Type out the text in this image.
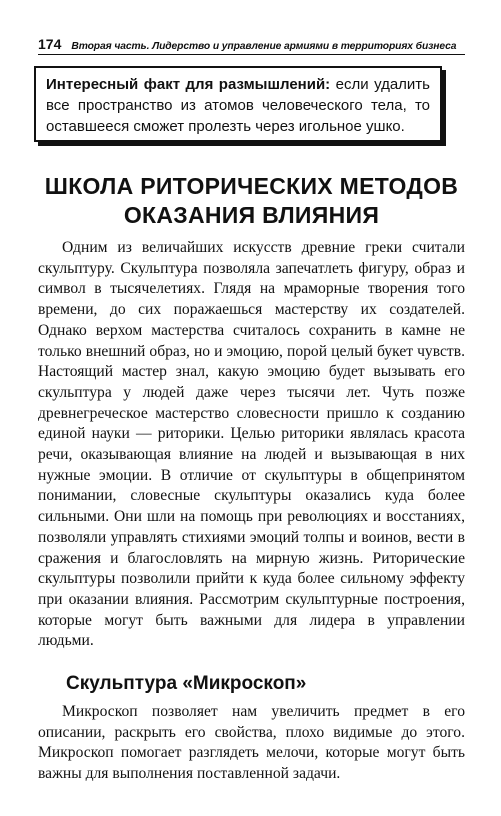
174 Вторая часть. Лидерство и управление армиями в территориях бизнеса
Интересный факт для размышлений: если удалить все пространство из атомов человеческого тела, то оставшееся сможет пролезть через игольное ушко.
ШКОЛА РИТОРИЧЕСКИХ МЕТОДОВ
ОКАЗАНИЯ ВЛИЯНИЯ

Одним из величайших искусств древние греки считали скульптуру. Скульптура позволяла запечатлеть фигуру, образ и символ в тысячелетиях. Глядя на мраморные творения того времени, до сих поражаешься мастерству их создателей. Однако верхом мастерства считалось сохранить в камне не только внешний образ, но и эмоцию, порой целый букет чувств. Настоящий мастер знал, какую эмоцию будет вызывать его скульптура у людей даже через тысячи лет. Чуть позже древнегреческое мастерство словесности пришло к созданию единой науки — риторики. Целью риторики являлась красота речи, оказывающая влияние на людей и вызывающая в них нужные эмоции. В отличие от скульптуры в общепринятом понимании, словесные скульптуры оказались куда более сильными. Они шли на помощь при революциях и восстаниях, позволяли управлять стихиями эмоций толпы и воинов, вести в сражения и благословлять на мирную жизнь. Риторические скульптуры позволили прийти к куда более сильному эффекту при оказании влияния. Рассмотрим скульптурные построения, которые могут быть важными для лидера в управлении людьми.

Скульптура «Микроскоп»

Микроскоп позволяет нам увеличить предмет в его описании, раскрыть его свойства, плохо видимые до этого. Микроскоп помогает разглядеть мелочи, которые могут быть важны для выполнения поставленной задачи.
